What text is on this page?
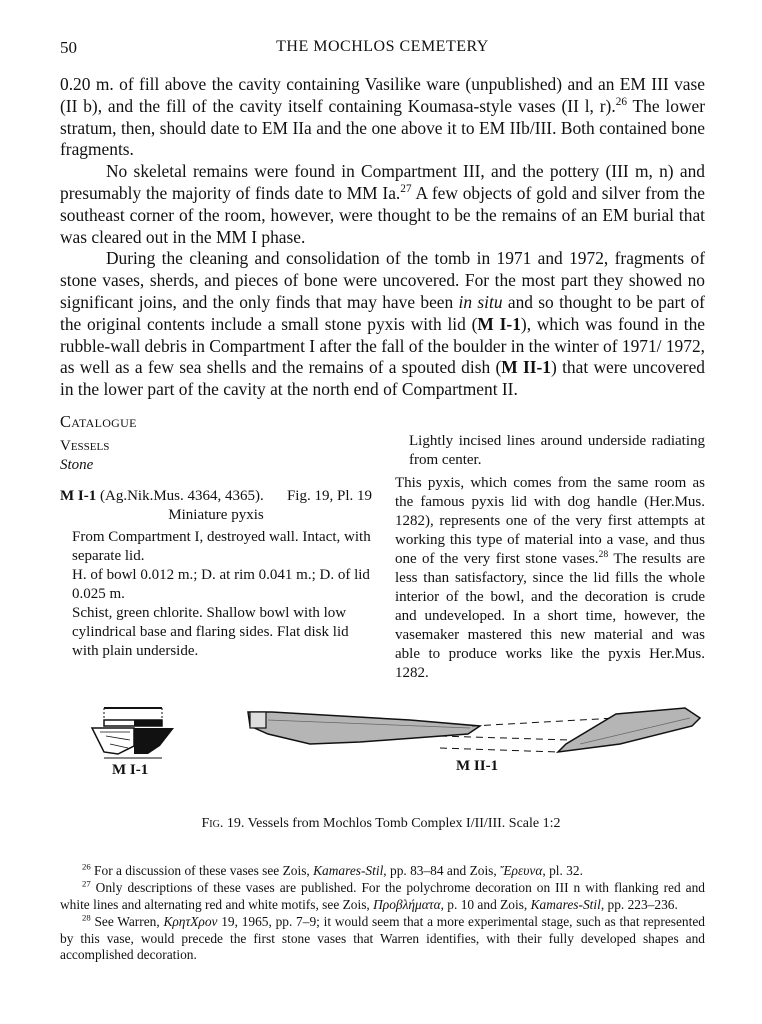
50	THE MOCHLOS CEMETERY

0.20 m. of fill above the cavity containing Vasilike ware (unpublished) and an EM III vase (II b), and the fill of the cavity itself containing Koumasa-style vases (II l, r).$^{26}$ The lower stratum, then, should date to EM IIa and the one above it to EM IIb/III. Both contained bone fragments.

No skeletal remains were found in Compartment III, and the pottery (III m, n) and presumably the majority of finds date to MM Ia.$^{27}$ A few objects of gold and silver from the southeast corner of the room, however, were thought to be the remains of an EM burial that was cleared out in the MM I phase.

During the cleaning and consolidation of the tomb in 1971 and 1972, fragments of stone vases, sherds, and pieces of bone were uncovered. For the most part they showed no significant joins, and the only finds that may have been in situ and so thought to be part of the original contents include a small stone pyxis with lid (M I-1), which was found in the rubble-wall debris in Compartment I after the fall of the boulder in the winter of 1971/ 1972, as well as a few sea shells and the remains of a spouted dish (M II-1) that were uncovered in the lower part of the cavity at the north end of Compartment II.

Catalogue
Vessels
Stone
M I-1 (Ag.Nik.Mus. 4364, 4365). Fig. 19, Pl. 19

Miniature pyxis

From Compartment I, destroyed wall. Intact, with separate lid.

H. of bowl 0.012 m.; D. at rim 0.041 m.; D. of lid 0.025 m.

Schist, green chlorite. Shallow bowl with low cylindrical base and flaring sides. Flat disk lid with plain underside.

Lightly incised lines around underside radiating from center.

This pyxis, which comes from the same room as the famous pyxis lid with dog handle (Her.Mus. 1282), represents one of the very first attempts at working this type of material into a vase, and thus one of the very first stone vases.$^{28}$ The results are less than satisfactory, since the lid fills the whole interior of the bowl, and the decoration is crude and undeveloped. In a short time, however, the vasemaker mastered this new material and was able to produce works like the pyxis Her.Mus. 1282.

M I-1	M II-1
Fig. 19. Vessels from Mochlos Tomb Complex I/II/III. Scale 1:2

$^{26}$ For a discussion of these vases see Zois, Kamares-Stil, pp. 83–84 and Zois, Ἔρευνα, pl. 32.

$^{27}$ Only descriptions of these vases are published. For the polychrome decoration on III n with flanking red and white lines and alternating red and white motifs, see Zois, Προβλήματα, p. 10 and Zois, Kamares-Stil, pp. 223–236.

$^{28}$ See Warren, ΚρητΧρον 19, 1965, pp. 7–9; it would seem that a more experimental stage, such as that represented by this vase, would precede the first stone vases that Warren identifies, with their fully developed shapes and accomplished decoration.
